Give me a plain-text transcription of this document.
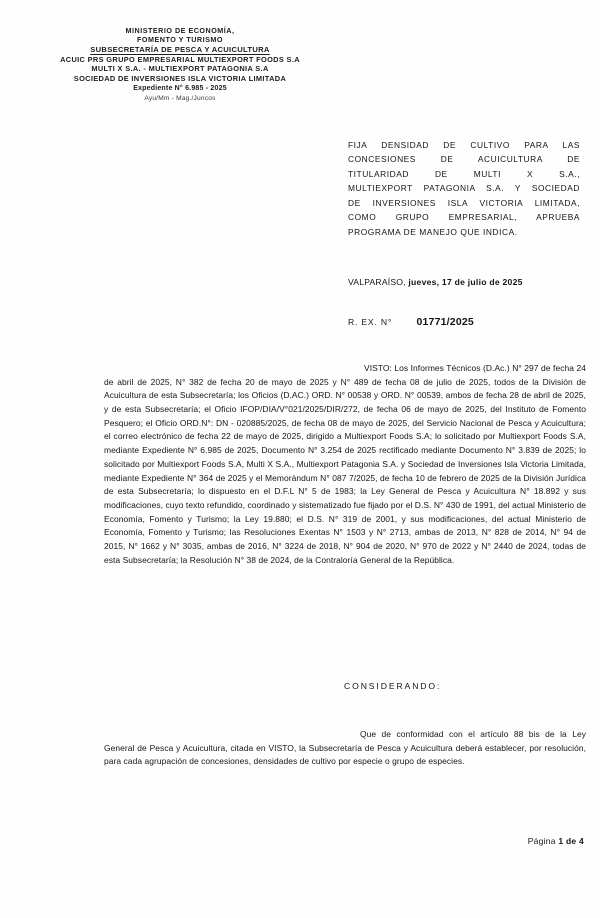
MINISTERIO DE ECONOMÍA,
FOMENTO Y TURISMO
SUBSECRETARÍA DE PESCA Y ACUICULTURA
ACUIC PRS GRUPO EMPRESARIAL MULTIEXPORT FOODS S.A
MULTI X S.A. - MULTIEXPORT PATAGONIA S.A
SOCIEDAD DE INVERSIONES ISLA VICTORIA LIMITADA
Expediente N° 6.985 - 2025
Ayu/Mm - Mag./Juncos
FIJA DENSIDAD DE CULTIVO PARA LAS
CONCESIONES DE ACUICULTURA DE
TITULARIDAD DE MULTI X S.A.,
MULTIEXPORT PATAGONIA S.A. Y SOCIEDAD
DE INVERSIONES ISLA VICTORIA LIMITADA,
COMO GRUPO EMPRESARIAL, APRUEBA
PROGRAMA DE MANEJO QUE INDICA.
VALPARAÍSO, jueves, 17 de julio de 2025
R. EX. N° 01771/2025
VISTO: Los Informes Técnicos (D.Ac.) N° 297 de fecha 24 de abril de 2025, N° 382 de fecha 20 de mayo de 2025 y N° 489 de fecha 08 de julio de 2025, todos de la División de Acuicultura de esta Subsecretaría; los Oficios (D.AC.) ORD. N° 00538 y ORD. N° 00539, ambos de fecha 28 de abril de 2025, y de esta Subsecretaría; el Oficio IFOP/DIA/V°021/2025/DIR/272, de fecha 06 de mayo de 2025, del Instituto de Fomento Pesquero; el Oficio ORD.N°: DN - 020885/2025, de fecha 08 de mayo de 2025, del Servicio Nacional de Pesca y Acuicultura; el correo electrónico de fecha 22 de mayo de 2025, dirigido a Multiexport Foods S.A; lo solicitado por Multiexport Foods S.A, mediante Expediente N° 6.985 de 2025, Documento N° 3.254 de 2025 rectificado mediante Documento N° 3.839 de 2025; lo solicitado por Multiexport Foods S.A, Multi X S.A., Multiexport Patagonia S.A. y Sociedad de Inversiones Isla Victoria Limitada, mediante Expediente N° 364 de 2025 y el Memorándum N° 087 7/2025, de fecha 10 de febrero de 2025 de la División Jurídica de esta Subsecretaría; lo dispuesto en el D.F.L N° 5 de 1983; la Ley General de Pesca y Acuicultura N° 18.892 y sus modificaciones, cuyo texto refundido, coordinado y sistematizado fue fijado por el D.S. N° 430 de 1991, del actual Ministerio de Economía, Fomento y Turismo; la Ley 19.880; el D.S. N° 319 de 2001, y sus modificaciones, del actual Ministerio de Economía, Fomento y Turismo; las Resoluciones Exentas N° 1503 y N° 2713, ambas de 2013, N° 828 de 2014, N° 94 de 2015, N° 1662 y N° 3035, ambas de 2016, N° 3224 de 2018, N° 904 de 2020, N° 970 de 2022 y N° 2440 de 2024, todas de esta Subsecretaría; la Resolución N° 38 de 2024, de la Contraloría General de la República.
CONSIDERANDO:
Que de conformidad con el artículo 88 bis de la Ley General de Pesca y Acuicultura, citada en VISTO, la Subsecretaría de Pesca y Acuicultura deberá establecer, por resolución, para cada agrupación de concesiones, densidades de cultivo por especie o grupo de especies.
Página 1 de 4
